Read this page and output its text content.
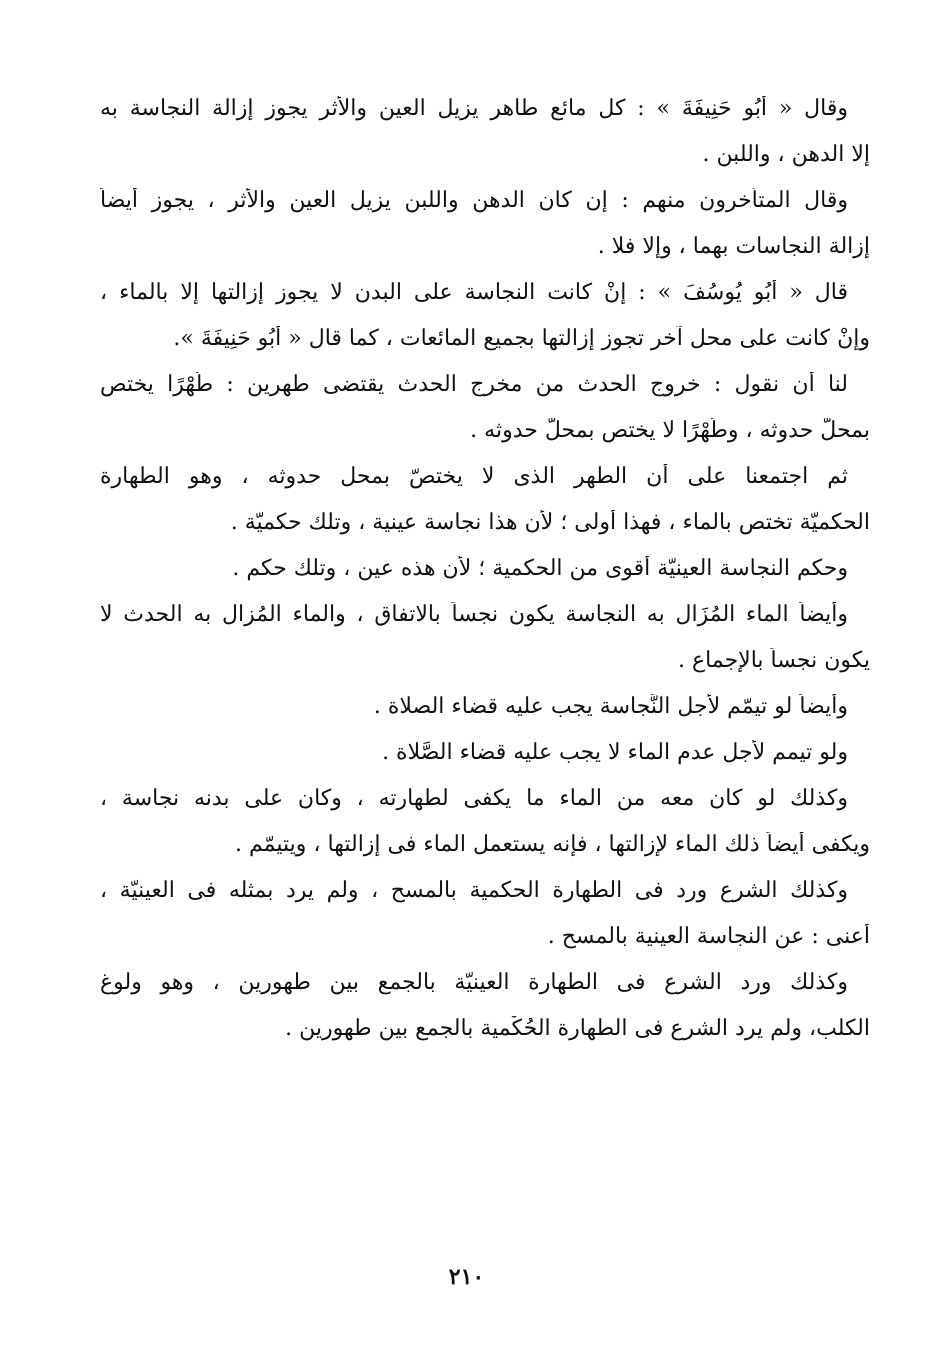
وقال « أَبُو حَنِيفَةَ » : كل مائع طاهر يزيل العين والأثر يجوز إزالة النجاسة به
إلا الدهن ، واللبن .
وقال المتأخرون منهم : إن كان الدهن واللبن يزيل العين والأثر ، يجوز أيضاً
إزالة النجاسات بهما ، وإلا فلا .
قال « أَبُو يُوسُفَ » : إنْ كانت النجاسة على البدن لا يجوز إزالتها إلا بالماء ،
وإنْ كانت على محل آخر تجوز إزالتها بجميع المائعات ، كما قال « أَبُو حَنِيفَةَ ».
لنا أن نقول : خروج الحدث من مخرج الحدث يقتضى طهرين : طُهْرًا يختص
بمحلّ حدوثه ، وطُهْرًا لا يختص بمحلّ حدوثه .
ثم اجتمعنا على أن الطهر الذى لا يختصّ بمحل حدوثه ، وهو الطهارة
الحكميّة تختص بالماء ، فهذا أولى ؛ لأن هذا نجاسة عينية ، وتلك حكميّة .
وحكم النجاسة العينيّة أقوى من الحكمية ؛ لأن هذه عين ، وتلك حكم .
وأيضاً الماء المُزَال به النجاسة يكون نجساً بالاتفاق ، والماء المُزال به الحدث لا
يكون نجساً بالإجماع .
وأيضاً لو تيمّم لأجل النَّجاسة يجب عليه قضاء الصلاة .
ولو تيمم لأجل عدم الماء لا يجب عليه قضاء الصَّلاة .
وكذلك لو كان معه من الماء ما يكفى لطهارته ، وكان على بدنه نجاسة ،
ويكفى أيضاً ذلك الماء لإزالتها ، فإنه يستعمل الماء فى إزالتها ، ويتيمّم .
وكذلك الشرع ورد فى الطهارة الحكمية بالمسح ، ولم يرد بمثله فى العينيّة ،
أعنى : عن النجاسة العينية بالمسح .
وكذلك ورد الشرع فى الطهارة العينيّة بالجمع بين طهورين ، وهو ولوغ
الكلب، ولم يرد الشرع فى الطهارة الحُكْمية بالجمع بين طهورين .
٢١٠
